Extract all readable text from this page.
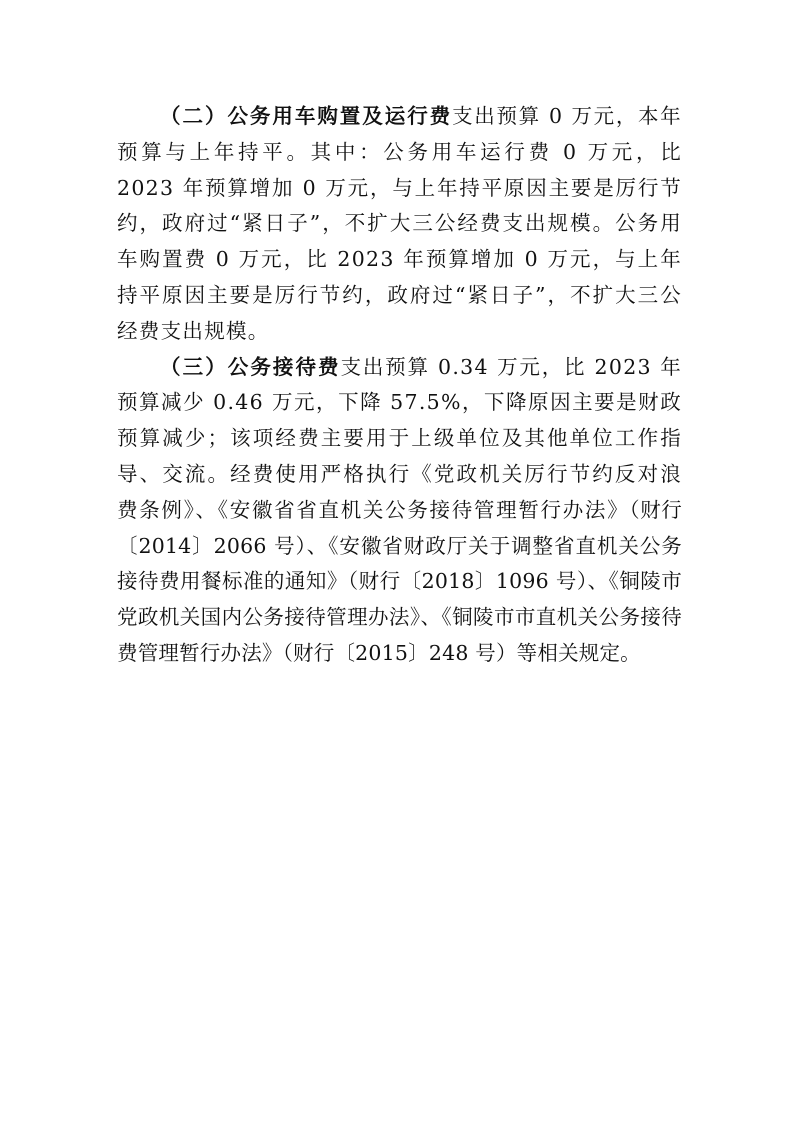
（二）公务用车购置及运行费支出预算 0 万元，本年预算与上年持平。其中：公务用车运行费 0 万元，比 2023 年预算增加 0 万元，与上年持平原因主要是厉行节约，政府过“紧日子”，不扩大三公经费支出规模。公务用车购置费 0 万元，比 2023 年预算增加 0 万元，与上年持平原因主要是厉行节约，政府过“紧日子”，不扩大三公经费支出规模。

（三）公务接待费支出预算 0.34 万元，比 2023 年预算减少 0.46 万元，下降 57.5%，下降原因主要是财政预算减少；该项经费主要用于上级单位及其他单位工作指导、交流。经费使用严格执行《党政机关厉行节约反对浪费条例》、《安徽省省直机关公务接待管理暂行办法》（财行〔2014〕2066 号）、《安徽省财政厅关于调整省直机关公务接待费用餐标准的通知》（财行〔2018〕1096 号）、《铜陵市党政机关国内公务接待管理办法》、《铜陵市市直机关公务接待费管理暂行办法》（财行〔2015〕248 号）等相关规定。
